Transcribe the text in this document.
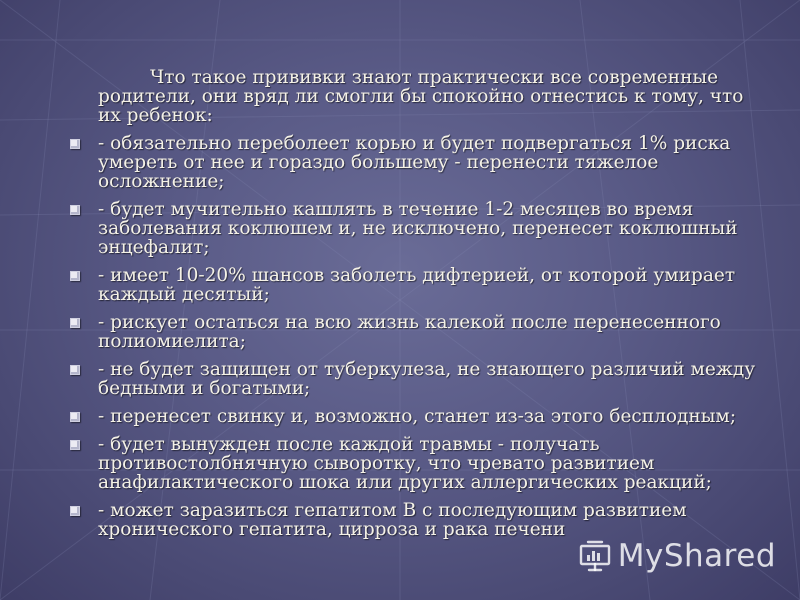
Что такое прививки знают практически все современные родители, они вряд ли смогли бы спокойно отнестись к тому, что их ребенок:

- обязательно переболеет корью и будет подвергаться 1% риска умереть от нее и гораздо большему - перенести тяжелое осложнение;
- будет мучительно кашлять в течение 1-2 месяцев во время заболевания коклюшем и, не исключено, перенесет коклюшный энцефалит;
- имеет 10-20% шансов заболеть дифтерией, от которой умирает каждый десятый;
- рискует остаться на всю жизнь калекой после перенесенного полиомиелита;
- не будет защищен от туберкулеза, не знающего различий между бедными и богатыми;
- перенесет свинку и, возможно, станет из-за этого бесплодным;
- будет вынужден после каждой травмы - получать противостолбнячную сыворотку, что чревато развитием анафилактического шока или других аллергических реакций;
- может заразиться гепатитом В с последующим развитием хронического гепатита, цирроза и рака печени
MyShared
